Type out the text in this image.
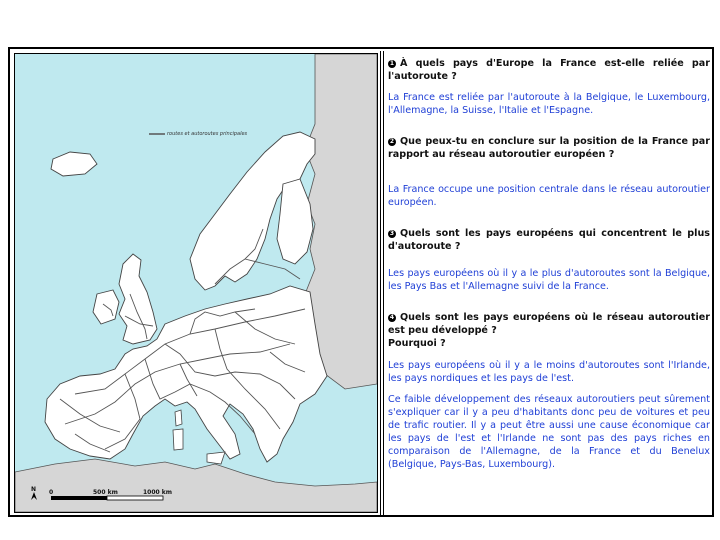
routes et autoroutes principales
N 0	500 km	1000 km
1 À quels pays d'Europe la France est-elle reliée par l'autoroute ?
La France est reliée par l'autoroute à la Belgique, le Luxembourg, l'Allemagne, la Suisse, l'Italie et l'Espagne.
2 Que peux-tu en conclure sur la position de la France par rapport au réseau autoroutier européen ?
La France occupe une position centrale dans le réseau autoroutier européen.
3 Quels sont les pays européens qui concentrent le plus d'autoroute ?
Les pays européens où il y a le plus d'autoroutes sont la Belgique, les Pays Bas et l'Allemagne suivi de la France.
4 Quels sont les pays européens où le réseau autoroutier est peu développé ?
Pourquoi ?
Les pays européens où il y a le moins d'autoroutes sont l'Irlande, les pays nordiques et les pays de l'est.
Ce faible développement des réseaux autoroutiers peut sûrement s'expliquer car il y a peu d'habitants donc peu de voitures et peu de trafic routier. Il y a peut être aussi une cause économique car les pays de l'est et l'Irlande ne sont pas des pays riches en comparaison de l'Allemagne, de la France et du Benelux (Belgique, Pays-Bas, Luxembourg).
